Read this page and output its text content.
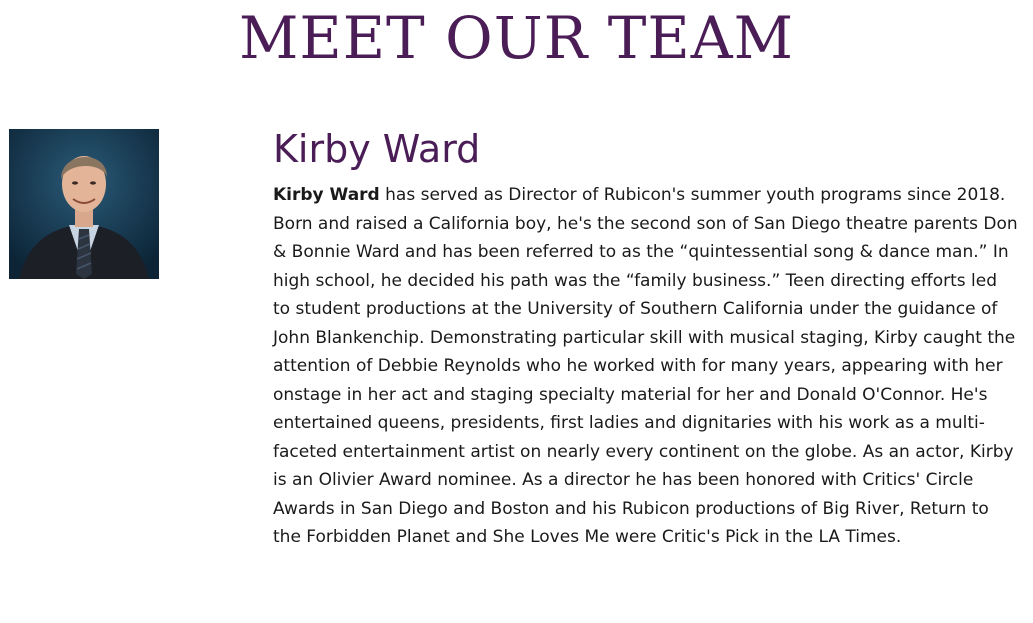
MEET OUR TEAM
Kirby Ward

Kirby Ward has served as Director of Rubicon's summer youth programs since 2018. Born and raised a California boy, he's the second son of San Diego theatre parents Don & Bonnie Ward and has been referred to as the “quintessential song & dance man.” In high school, he decided his path was the “family business.” Teen directing efforts led to student productions at the University of Southern California under the guidance of John Blankenchip. Demonstrating particular skill with musical staging, Kirby caught the attention of Debbie Reynolds who he worked with for many years, appearing with her onstage in her act and staging specialty material for her and Donald O'Connor. He's entertained queens, presidents, first ladies and dignitaries with his work as a multi-faceted entertainment artist on nearly every continent on the globe. As an actor, Kirby is an Olivier Award nominee. As a director he has been honored with Critics' Circle Awards in San Diego and Boston and his Rubicon productions of Big River, Return to the Forbidden Planet and She Loves Me were Critic's Pick in the LA Times.
